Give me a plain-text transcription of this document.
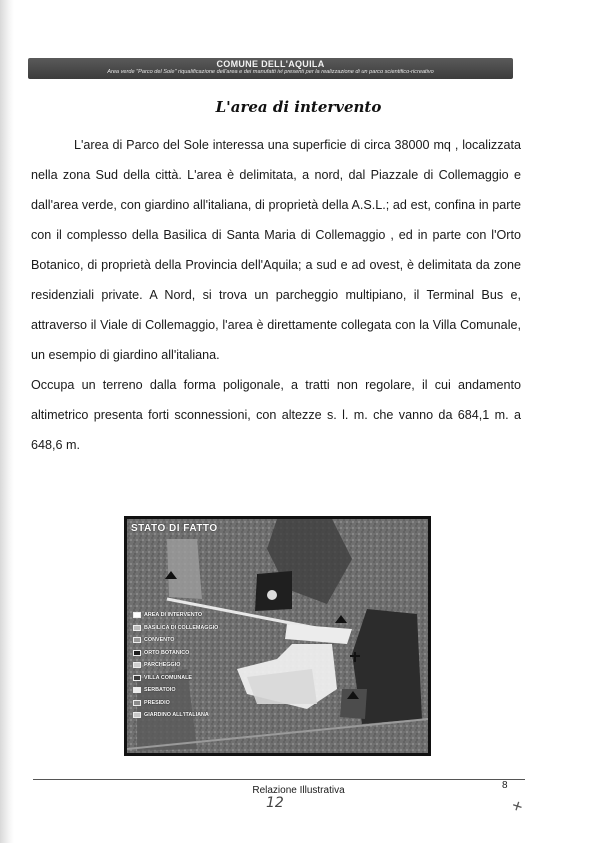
COMUNE DELL'AQUILA
Area verde "Parco del Sole" riqualificazione dell'area e dei manufatti ivi presenti per la realizzazione di un parco scientifico-ricreativo
L'area di intervento

L'area di Parco del Sole interessa una superficie di circa 38000 mq , localizzata nella zona Sud della città. L'area è delimitata, a nord, dal Piazzale di Collemaggio e dall'area verde, con giardino all'italiana, di proprietà della A.S.L.; ad est, confina in parte con il complesso della Basilica di Santa Maria di Collemaggio , ed in parte con l'Orto Botanico, di proprietà della Provincia dell'Aquila; a sud e ad ovest, è delimitata da zone residenziali private. A Nord, si trova un parcheggio multipiano, il Terminal Bus e, attraverso il Viale di Collemaggio, l'area è direttamente collegata con la Villa Comunale, un esempio di giardino all'italiana.

Occupa un terreno dalla forma poligonale, a tratti non regolare, il cui andamento altimetrico presenta forti sconnessioni, con altezze s. l. m. che vanno da 684,1 m. a 648,6 m.

STATO DI FATTO
AREA DI INTERVENTO
BASILICA DI COLLEMAGGIO
CONVENTO
ORTO BOTANICO
PARCHEGGIO
VILLA COMUNALE
SERBATOIO
PRESIDIO
GIARDINO ALL'ITALIANA
Relazione Illustrativa	8
12	+
